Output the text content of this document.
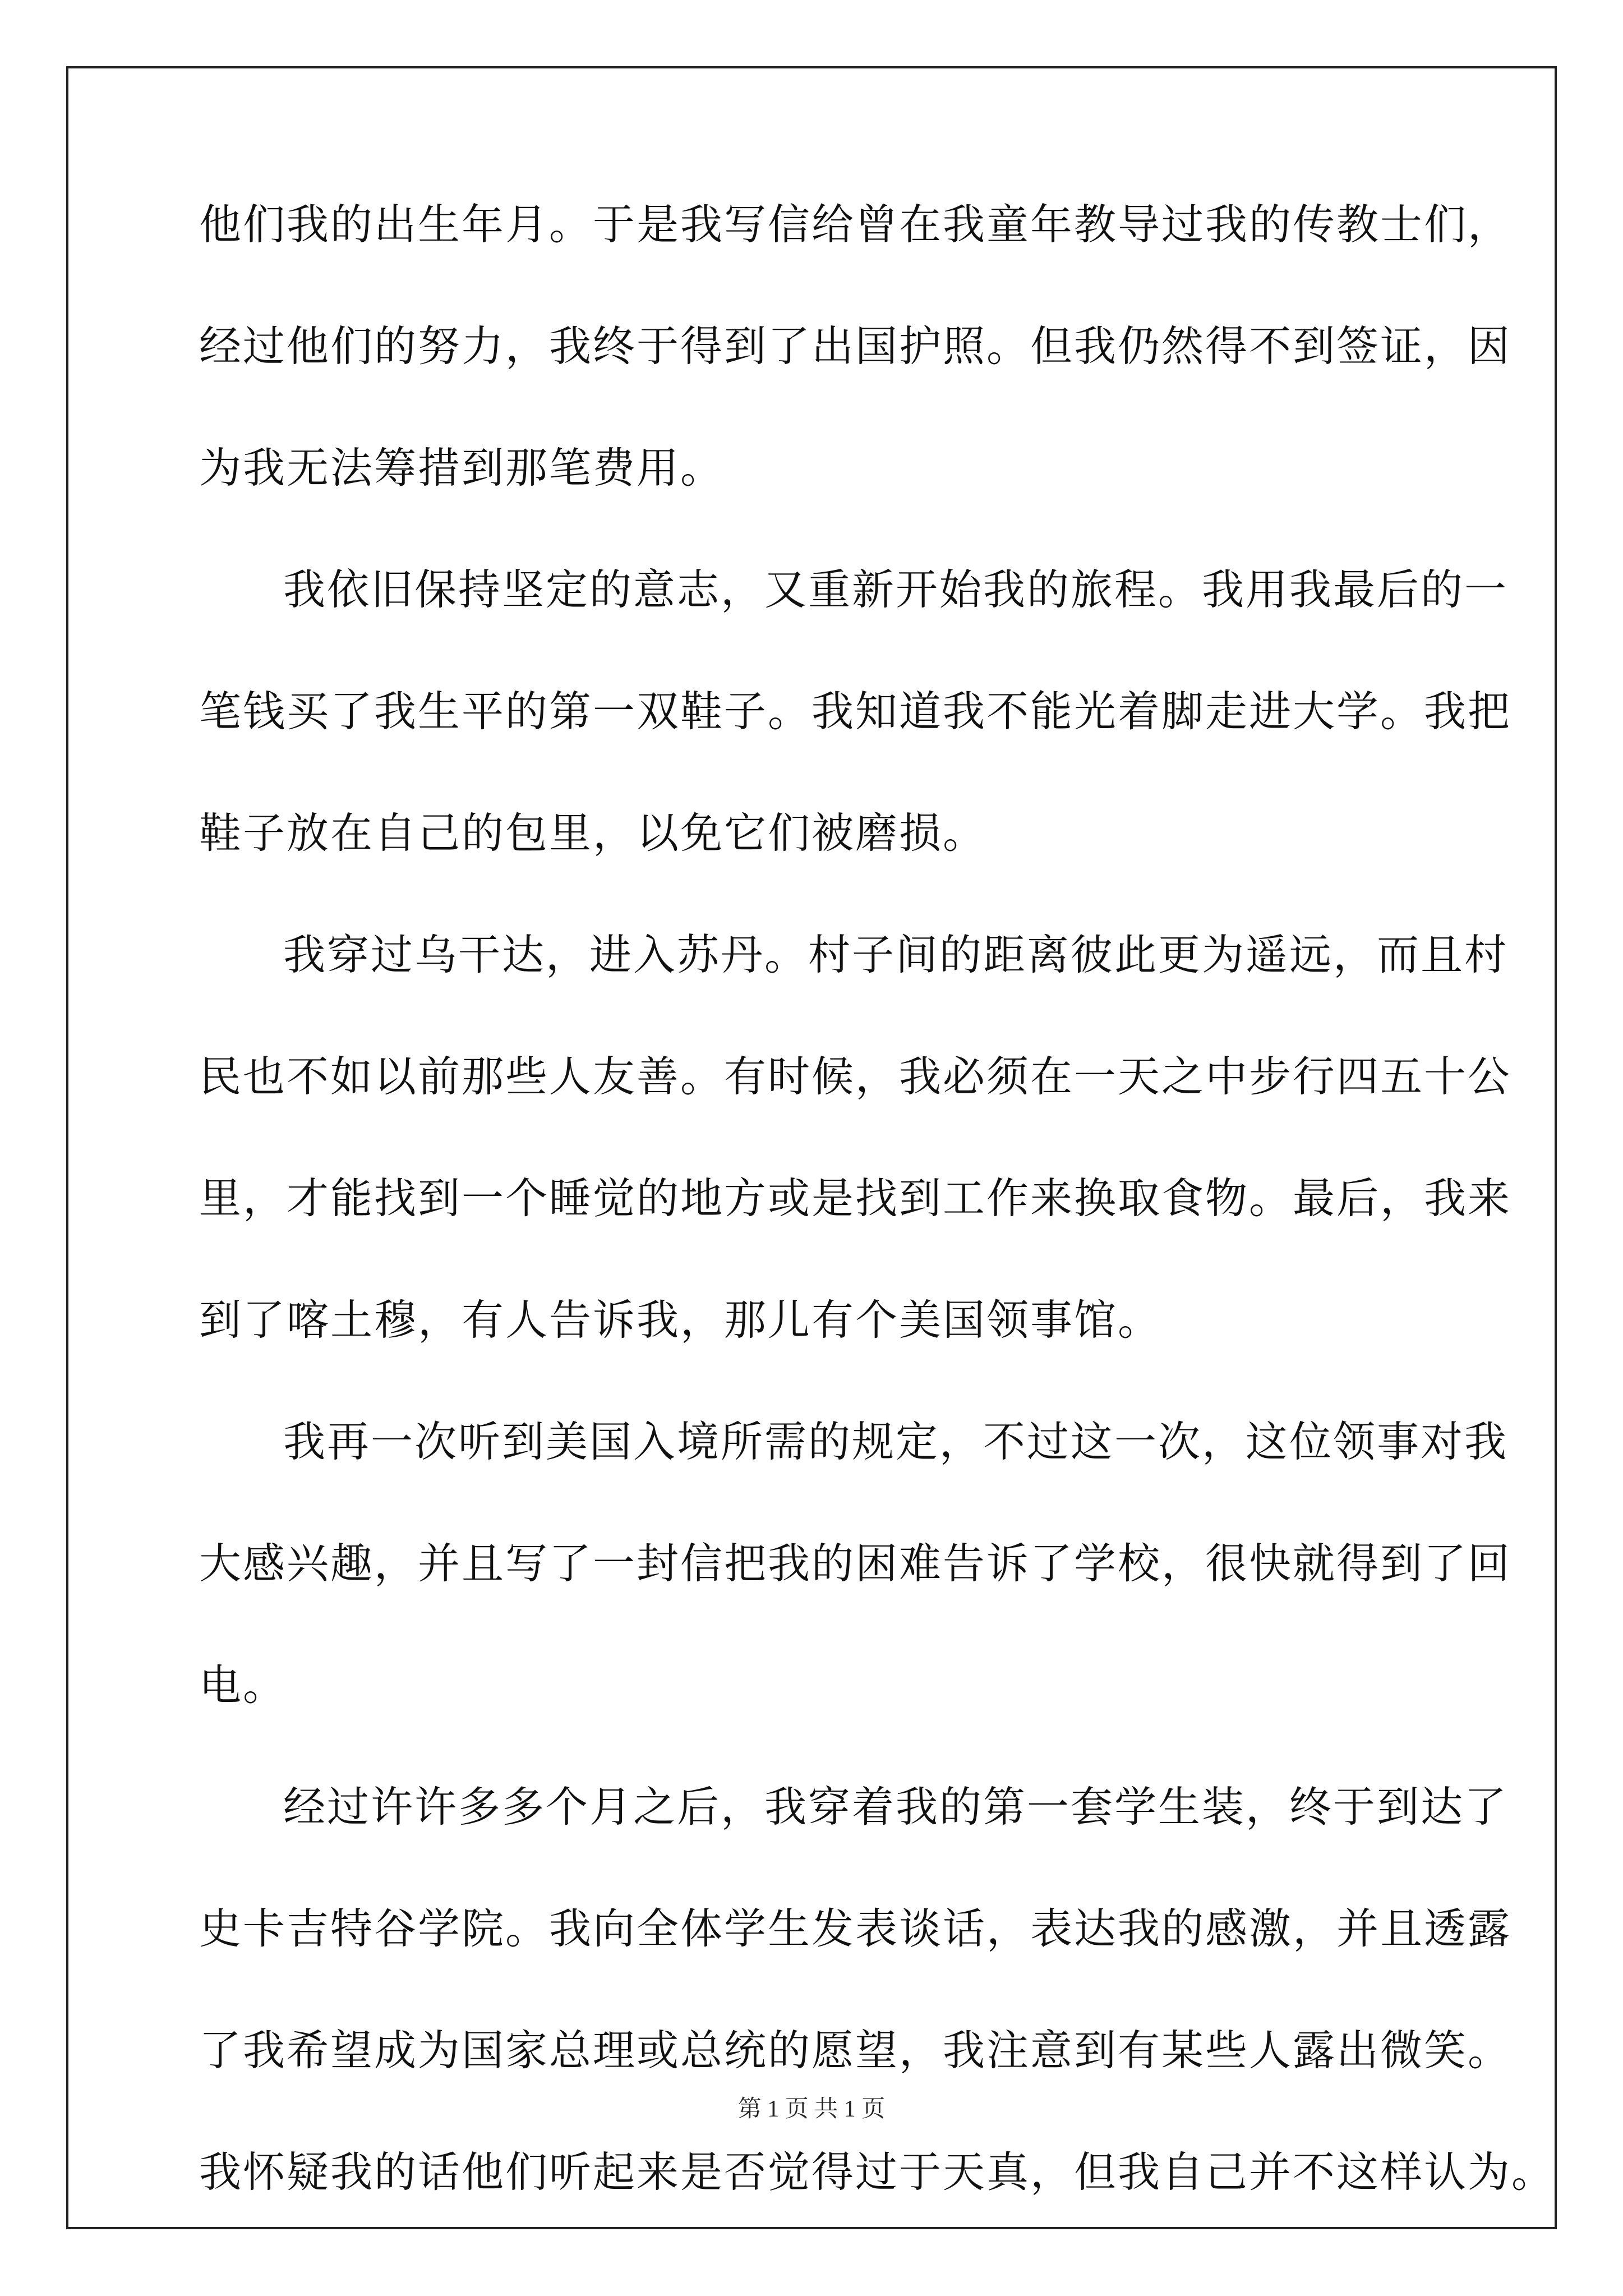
他们我的出生年月。于是我写信给曾在我童年教导过我的传教士们，
经过他们的努力，我终于得到了出国护照。但我仍然得不到签证，因
为我无法筹措到那笔费用。
我依旧保持坚定的意志，又重新开始我的旅程。我用我最后的一
笔钱买了我生平的第一双鞋子。我知道我不能光着脚走进大学。我把
鞋子放在自己的包里，以免它们被磨损。
我穿过乌干达，进入苏丹。村子间的距离彼此更为遥远，而且村
民也不如以前那些人友善。有时候，我必须在一天之中步行四五十公
里，才能找到一个睡觉的地方或是找到工作来换取食物。最后，我来
到了喀土穆，有人告诉我，那儿有个美国领事馆。
我再一次听到美国入境所需的规定，不过这一次，这位领事对我
大感兴趣，并且写了一封信把我的困难告诉了学校，很快就得到了回
电。
经过许许多多个月之后，我穿着我的第一套学生装，终于到达了
史卡吉特谷学院。我向全体学生发表谈话，表达我的感激，并且透露
了我希望成为国家总理或总统的愿望，我注意到有某些人露出微笑。
我怀疑我的话他们听起来是否觉得过于天真，但我自己并不这样认为。
第 1 页 共 1 页
